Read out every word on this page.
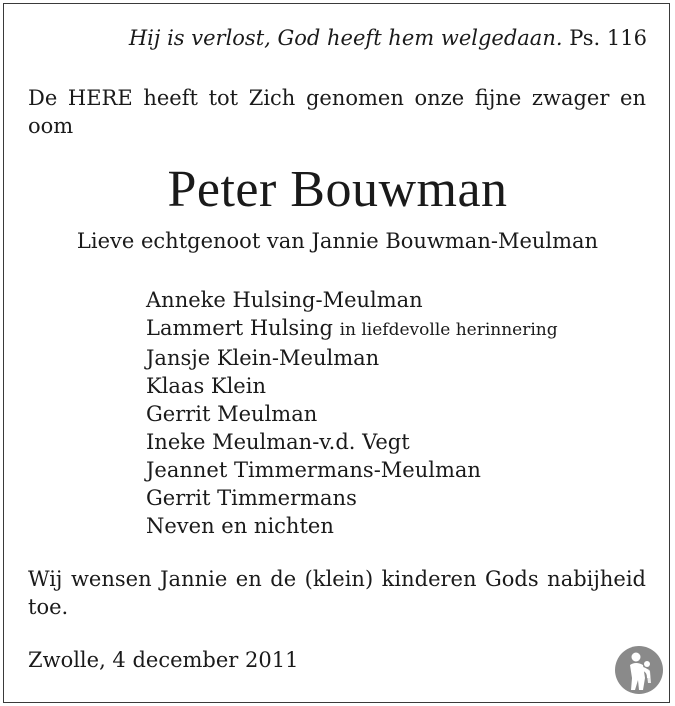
Hij is verlost, God heeft hem welgedaan. Ps. 116
De HERE heeft tot Zich genomen onze fijne zwager en oom
Peter Bouwman
Lieve echtgenoot van Jannie Bouwman-Meulman
Anneke Hulsing-Meulman
Lammert Hulsing in liefdevolle herinnering
Jansje Klein-Meulman
Klaas Klein
Gerrit Meulman
Ineke Meulman-v.d. Vegt
Jeannet Timmermans-Meulman
Gerrit Timmermans
Neven en nichten
Wij wensen Jannie en de (klein) kinderen Gods nabijheid toe.
Zwolle, 4 december 2011
